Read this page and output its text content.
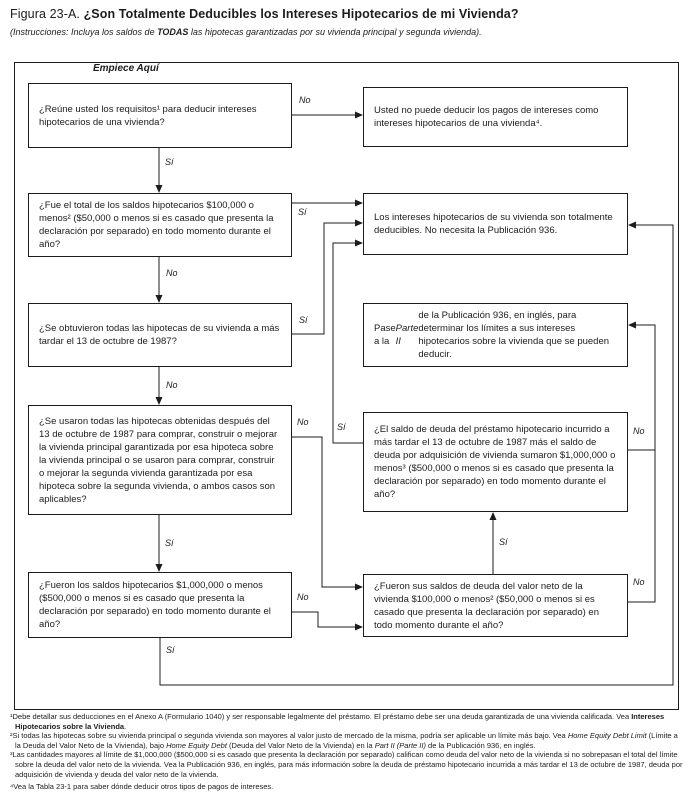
Figura 23-A. ¿Son Totalmente Deducibles los Intereses Hipotecarios de mi Vivienda?
(Instrucciones: Incluya los saldos de TODAS las hipotecas garantizadas por su vivienda principal y segunda vivienda).
Empiece Aquí
¿Reúne usted los requisitos¹ para deducir intereses hipotecarios de una vivienda?
¿Fue el total de los saldos hipotecarios $100,000 o menos² ($50,000 o menos si es casado que presenta la declaración por separado) en todo momento durante el año?
¿Se obtuvieron todas las hipotecas de su vivienda a más tardar el 13 de octubre de 1987?
¿Se usaron todas las hipotecas obtenidas después del 13 de octubre de 1987 para comprar, construir o mejorar la vivienda principal garantizada por esa hipoteca sobre la vivienda principal o se usaron para comprar, construir o mejorar la segunda vivienda garantizada por esa hipoteca sobre la segunda vivienda, o ambos casos son aplicables?
¿Fueron los saldos hipotecarios $1,000,000 o menos ($500,000 o menos si es casado que presenta la declaración por separado) en todo momento durante el año?
Usted no puede deducir los pagos de intereses como intereses hipotecarios de una vivienda⁴.
Los intereses hipotecarios de su vivienda son totalmente deducibles. No necesita la Publicación 936.
Pase a la
Parte II
de la Publicación 936, en inglés, para determinar los límites a sus intereses hipotecarios sobre la vivienda que se pueden deducir.
¿El saldo de deuda del préstamo hipotecario incurrido a más tardar el 13 de octubre de 1987 más el saldo de deuda por adquisición de vivienda sumaron $1,000,000 o menos³ ($500,000 o menos si es casado que presenta la declaración por separado) en todo momento durante el año?
¿Fueron sus saldos de deuda del valor neto de la vivienda $100,000 o menos² ($50,000 o menos si es casado que presenta la declaración por separado) en todo momento durante el año?
No
Sí
Sí
No
Sí
No
No
Sí
Sí	No
Sí
No
No
Sí
¹Debe detallar sus deducciones en el Anexo A (Formulario 1040) y ser responsable legalmente del préstamo. El préstamo debe ser una deuda garantizada de una vivienda calificada. Vea Intereses Hipotecarios sobre la Vivienda.
²Si todas las hipotecas sobre su vivienda principal o segunda vivienda son mayores al valor justo de mercado de la misma, podría ser aplicable un límite más bajo. Vea Home Equity Debt Limit (Límite a la Deuda del Valor Neto de la Vivienda), bajo Home Equity Debt (Deuda del Valor Neto de la Vivienda) en la Part II (Parte II) de la Publicación 936, en inglés.
³Las cantidades mayores al límite de $1,000,000 ($500,000 si es casado que presenta la declaración por separado) califican como deuda del valor neto de la vivienda si no sobrepasan el total del límite sobre la deuda del valor neto de la vivienda. Vea la Publicación 936, en inglés, para más información sobre la deuda de préstamo hipotecario incurrida a más tardar el 13 de octubre de 1987, deuda por adquisición de vivienda y deuda del valor neto de la vivienda.
⁴Vea la Tabla 23-1 para saber dónde deducir otros tipos de pagos de intereses.
